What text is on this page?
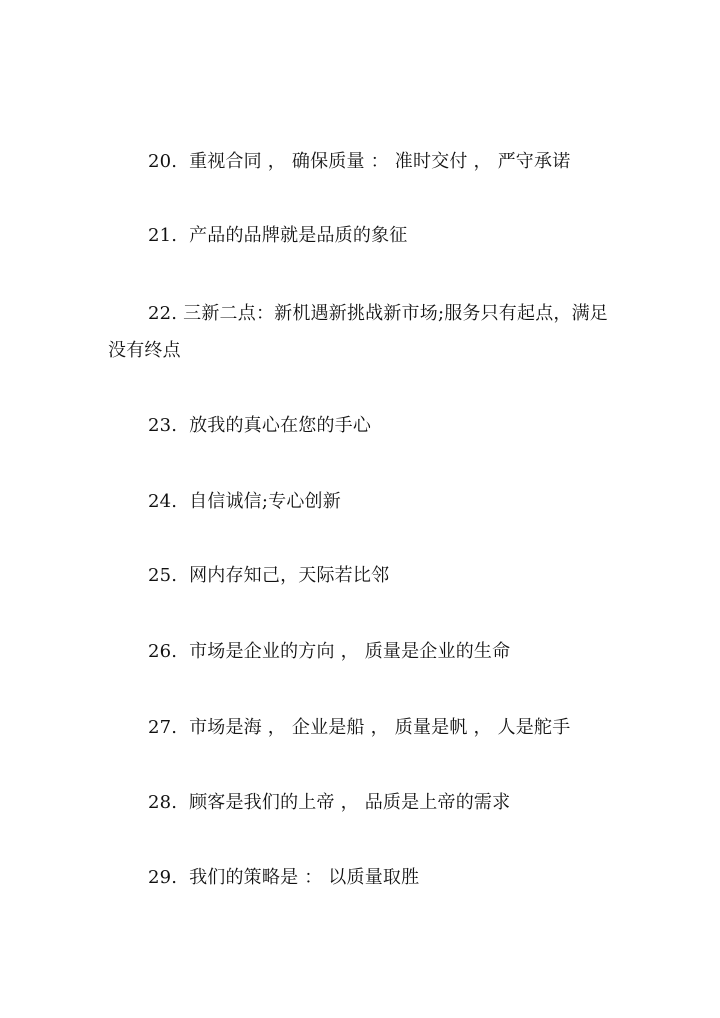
20.  重视合同 ， 确保质量 ： 准时交付 ， 严守承诺

21.  产品的品牌就是品质的象征

22. 三新二点：新机遇新挑战新市场;服务只有起点，满足没有终点

23.  放我的真心在您的手心

24.  自信诚信;专心创新

25.  网内存知己，天际若比邻

26.  市场是企业的方向 ， 质量是企业的生命

27.  市场是海 ， 企业是船 ， 质量是帆 ， 人是舵手

28.  顾客是我们的上帝 ， 品质是上帝的需求

29.  我们的策略是 ： 以质量取胜
